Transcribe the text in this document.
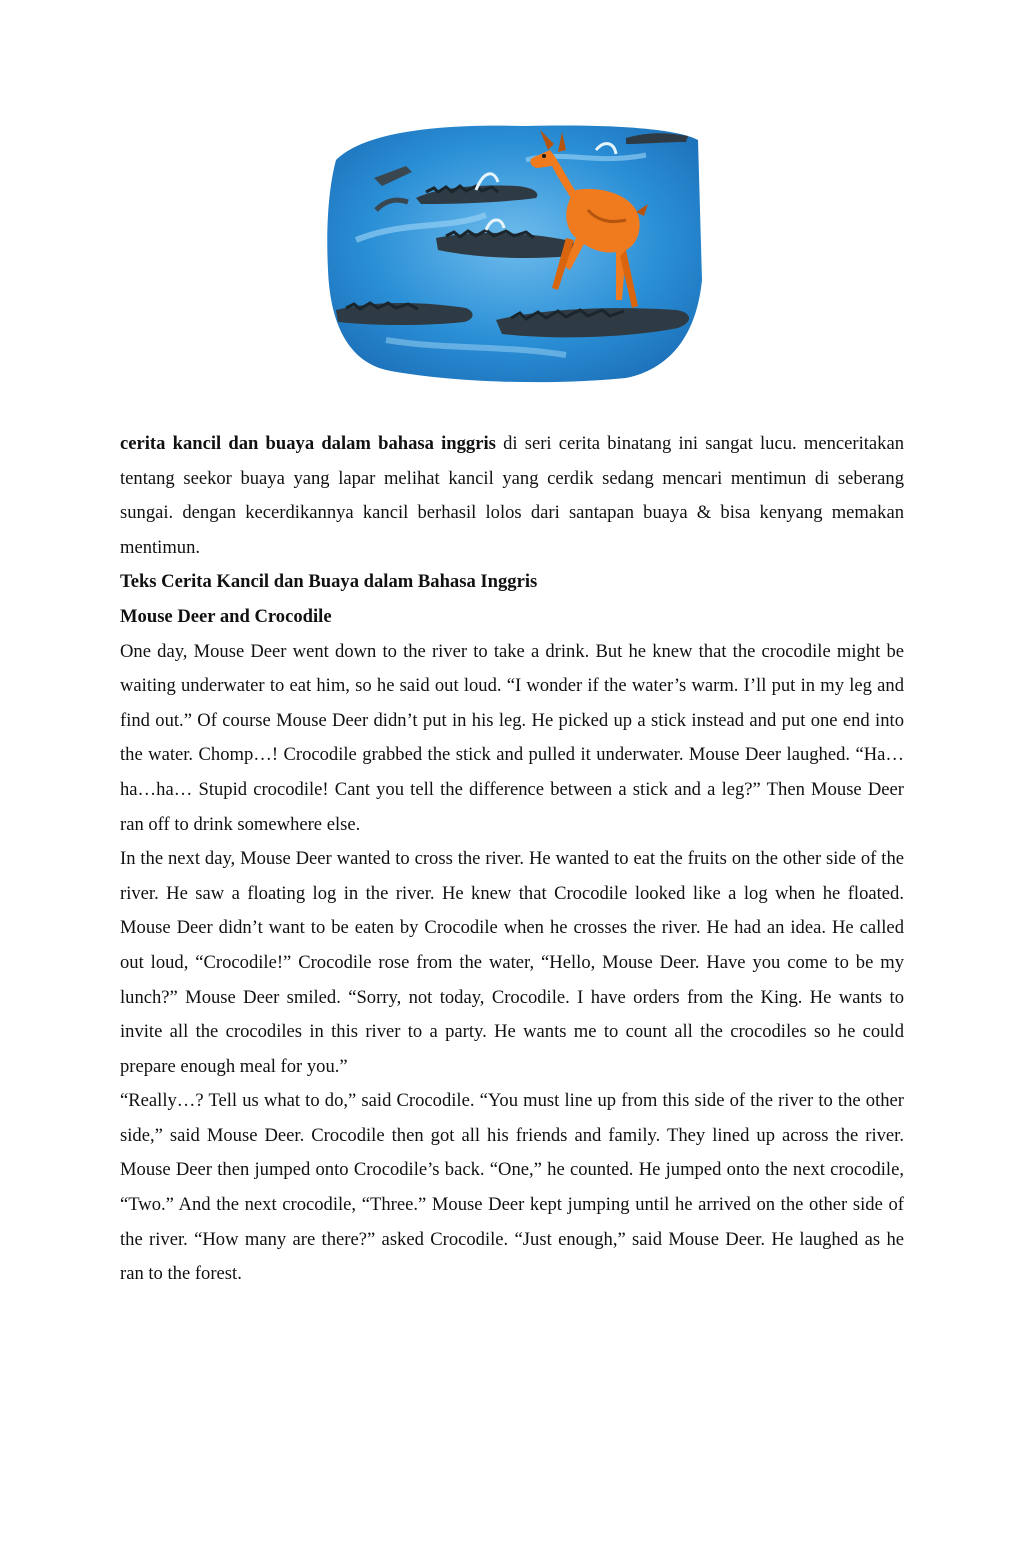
cerita kancil dan buaya dalam bahasa inggris di seri cerita binatang ini sangat lucu. menceritakan tentang seekor buaya yang lapar melihat kancil yang cerdik sedang mencari mentimun di seberang sungai. dengan kecerdikannya kancil berhasil lolos dari santapan buaya & bisa kenyang memakan mentimun.

Teks Cerita Kancil dan Buaya dalam Bahasa Inggris
Mouse Deer and Crocodile

One day, Mouse Deer went down to the river to take a drink. But he knew that the crocodile might be waiting underwater to eat him, so he said out loud. “I wonder if the water’s warm. I’ll put in my leg and find out.” Of course Mouse Deer didn’t put in his leg. He picked up a stick instead and put one end into the water. Chomp…! Crocodile grabbed the stick and pulled it underwater. Mouse Deer laughed. “Ha… ha…ha… Stupid crocodile! Cant you tell the difference between a stick and a leg?” Then Mouse Deer ran off to drink somewhere else.

In the next day, Mouse Deer wanted to cross the river. He wanted to eat the fruits on the other side of the river. He saw a floating log in the river. He knew that Crocodile looked like a log when he floated. Mouse Deer didn’t want to be eaten by Crocodile when he crosses the river. He had an idea. He called out loud, “Crocodile!” Crocodile rose from the water, “Hello, Mouse Deer. Have you come to be my lunch?” Mouse Deer smiled. “Sorry, not today, Crocodile. I have orders from the King. He wants to invite all the crocodiles in this river to a party. He wants me to count all the crocodiles so he could prepare enough meal for you.”

“Really…? Tell us what to do,” said Crocodile. “You must line up from this side of the river to the other side,” said Mouse Deer. Crocodile then got all his friends and family. They lined up across the river. Mouse Deer then jumped onto Crocodile’s back. “One,” he counted. He jumped onto the next crocodile, “Two.” And the next crocodile, “Three.” Mouse Deer kept jumping until he arrived on the other side of the river. “How many are there?” asked Crocodile. “Just enough,” said Mouse Deer. He laughed as he ran to the forest.
